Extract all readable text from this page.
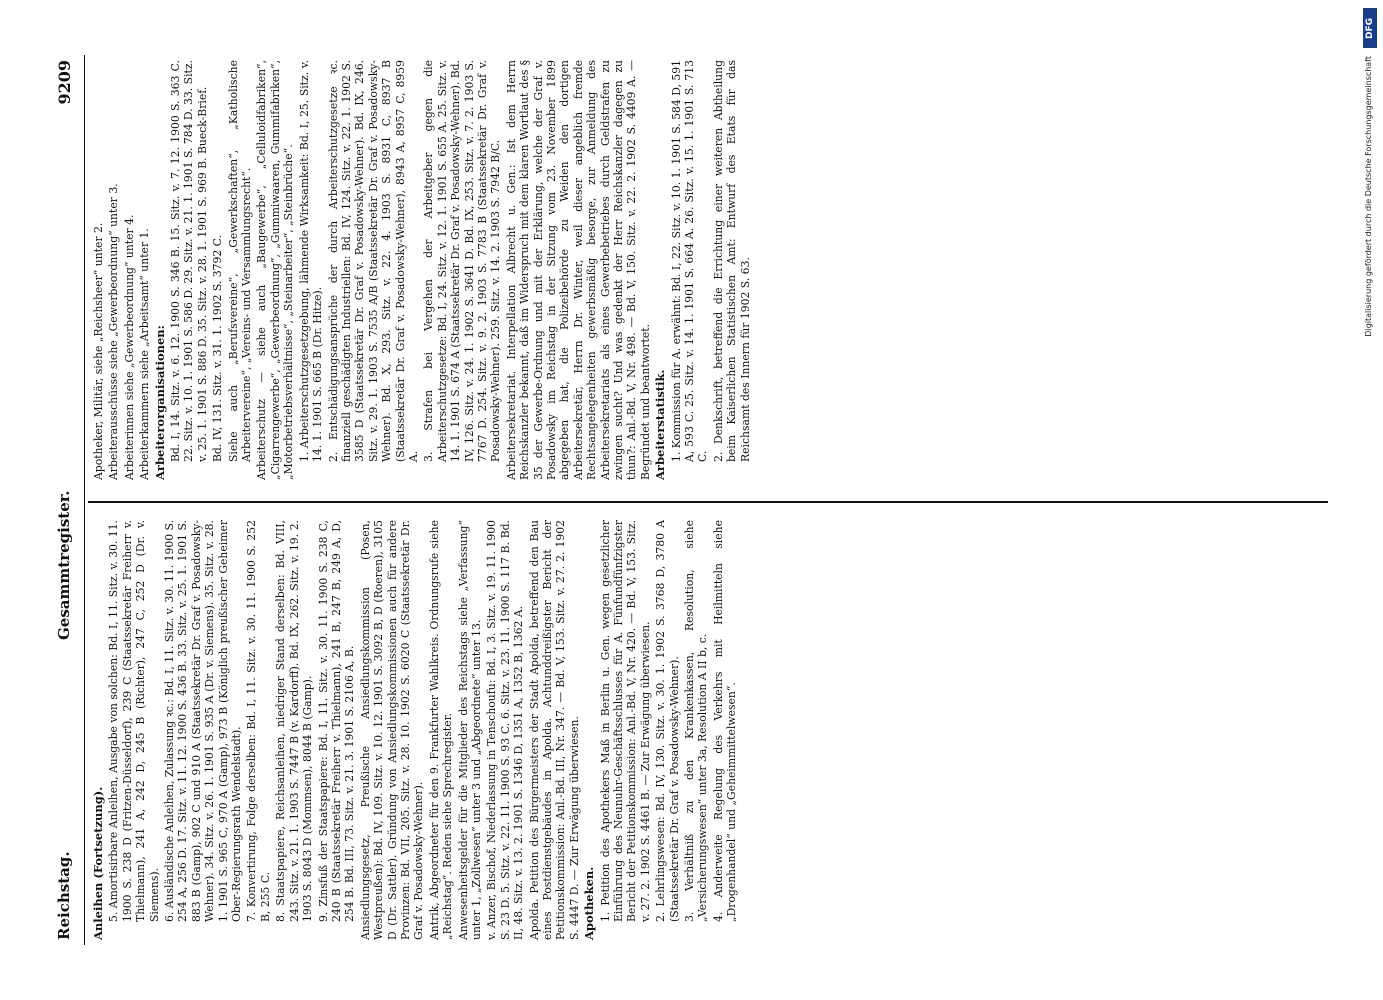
Reichstag.
Gesammtregister.
9209

Anleihen (Fortsetzung). 5. Amortisirbare Anleihen, Ausgabe von solchen: Bd. I, 11. Sitz. v. 30. 11. 1900 S. 238 D (Fritzen-Düsseldorf), 239 C (Staatssekretär Freiherr v. Thielmann), 241 A, 242 D, 245 B (Richter), 247 C, 252 D (Dr. v. Siemens). 6. Ausländische Anleihen, Zulassung ꝛc.: Bd. I, 11. Sitz. v. 30. 11. 1900 S. 254 A, 256 D. 17. Sitz. v. 11. 12. 1900 S. 436 B. 33. Sitz. v. 25. 1. 1901 S. 883 B (Gamp), 902 C und 910 A (Staatssekretär Dr. Graf v. Posadowsky-Wehner). 34. Sitz. v. 26. 1. 1901 S. 935 A (Dr. v. Siemens). 35. Sitz. v. 28. 1. 1901 S. 965 C, 970 A (Gamp), 973 B (Königlich preußischer Geheimer Ober-Regierungsrath Wendelstadt). 7. Konvertirung, Folge derselben: Bd. I, 11. Sitz. v. 30. 11. 1900 S. 252 B, 255 C. 8. Staatspapiere, Reichsanleihen, niedriger Stand derselben: Bd. VIII, 243. Sitz. v. 21. 1. 1903 S. 7447 B (v. Kardorff). Bd. IX, 262. Sitz. v. 19. 2. 1903 S. 8043 D (Mommsen), 8044 B (Gamp). 9. Zinsfuß der Staatspapiere: Bd. I, 11. Sitz. v. 30. 11. 1900 S. 238 C, 240 B (Staatssekretär Freiherr v. Thielmann), 241 B, 247 B, 249 A, D, 254 B. Bd. III, 73. Sitz. v. 21. 3. 1901 S. 2106 A, B. Ansiedlungsgesetz, Preußische Ansiedlungskommission (Posen, Westpreußen): Bd. IV, 109. Sitz. v. 10. 12. 1901 S. 3092 B, D (Roeren), 3105 D (Dr. Sattler). Gründung von Ansiedlungskommissionen auch für andere Provinzen: Bd. VII, 205. Sitz. v. 28. 10. 1902 S. 6020 C (Staatssekretär Dr. Graf v. Posadowsky-Wehner). Antrik, Abgeordneter für den 9. Frankfurter Wahlkreis. Ordnungsrufe siehe „Reichstag“. Reden siehe Sprechregister. Anwesenheitsgelder für die Mitglieder des Reichstags siehe „Verfassung“ unter 1, „Zollwesen“ unter 3 und „Abgeordnete“ unter 13. v. Anzer, Bischof, Niederlassung in Tenschoufu: Bd. I, 3. Sitz. v. 19. 11. 1900 S. 23 D. 5. Sitz. v. 22. 11. 1900 S. 93 C. 6. Sitz. v. 23. 11. 1900 S. 117 B. Bd. II, 48. Sitz. v. 13. 2. 1901 S. 1346 D, 1351 A, 1352 B, 1362 A. Apolda. Petition des Bürgermeisters der Stadt Apolda, betreffend den Bau eines Postdienstgebäudes in Apolda. Achtunddreißigster Bericht der Petitionskommission: Anl.-Bd. III, Nr. 347. — Bd. V, 153. Sitz. v. 27. 2. 1902 S. 4447 D. — Zur Erwägung überwiesen. Apotheken. 1. Petition des Apothekers Maß in Berlin u. Gen. wegen gesetzlicher Einführung des Neunuhr-Geschäftsschlusses für A. Fünfundfünfzigster Bericht der Petitionskommission: Anl.-Bd. V, Nr. 420. — Bd. V, 153. Sitz. v. 27. 2. 1902 S. 4461 B. — Zur Erwägung überwiesen. 2. Lehrlingswesen: Bd. IV, 130. Sitz. v. 30. 1. 1902 S. 3768 D, 3780 A (Staatssekretär Dr. Graf v. Posadowsky-Wehner). 3. Verhältniß zu den Krankenkassen, Resolution, siehe „Versicherungswesen“ unter 3a, Resolution A II b, c. 4. Anderweite Regelung des Verkehrs mit Heilmitteln siehe „Drogenhandel“ und „Geheimmittelwesen“.

Apotheker, Militär, siehe „Reichsheer“ unter 2. Arbeiterausschüsse siehe „Gewerbeordnung“ unter 3. Arbeiterinnen siehe „Gewerbeordnung“ unter 4. Arbeiterkammern siehe „Arbeitsamt“ unter 1. Arbeiterorganisationen: Bd. I, 14. Sitz. v. 6. 12. 1900 S. 346 B. 15. Sitz. v. 7. 12. 1900 S. 363 C. 22. Sitz. v. 10. 1. 1901 S. 586 D. 29. Sitz. v. 21. 1. 1901 S. 784 D. 33. Sitz. v. 25. 1. 1901 S. 886 D. 35. Sitz. v. 28. 1. 1901 S. 969 B. Bueck-Brief. Bd. IV, 131. Sitz. v. 31. 1. 1902 S. 3792 C. Siehe auch „Berufsvereine“, „Gewerkschaften“, „Katholische Arbeitervereine“, „Vereins- und Versammlungsrecht“. Arbeiterschutz — siehe auch „Baugewerbe“, „Celluloidfabriken“, „Cigarrengewerbe“, „Gewerbeordnung“, „Gummiwaaren, Gummifabriken“, „Motorbetriebsverhältnisse“, „Steinarbeiter“, „Steinbrüche“. 1. Arbeiterschutzgesetzgebung, lähmende Wirksamkeit: Bd. I, 25. Sitz. v. 14. 1. 1901 S. 665 B (Dr. Hitze). 2. Entschädigungsansprüche der durch Arbeiterschutzgesetze ꝛc. finanziell geschädigten Industriellen: Bd. IV, 124. Sitz. v. 22. 1. 1902 S. 3585 D (Staatssekretär Dr. Graf v. Posadowsky-Wehner). Bd. IX, 246. Sitz. v. 29. 1. 1903 S. 7535 A/B (Staatssekretär Dr. Graf v. Posadowsky-Wehner). Bd. X, 293. Sitz. v. 22. 4. 1903 S. 8931 C, 8937 B (Staatssekretär Dr. Graf v. Posadowsky-Wehner), 8943 A, 8957 C, 8959 A. 3. Strafen bei Vergehen der Arbeitgeber gegen die Arbeiterschutzgesetze: Bd. I, 24. Sitz. v. 12. 1. 1901 S. 655 A. 25. Sitz. v. 14. 1. 1901 S. 674 A (Staatssekretär Dr. Graf v. Posadowsky-Wehner). Bd. IV, 126. Sitz. v. 24. 1. 1902 S. 3641 D. Bd. IX, 253. Sitz. v. 7. 2. 1903 S. 7767 D. 254. Sitz. v. 9. 2. 1903 S. 7783 B (Staatssekretär Dr. Graf v. Posadowsky-Wehner). 259. Sitz. v. 14. 2. 1903 S. 7942 B/C. Arbeitersekretariat. Interpellation Albrecht u. Gen.: Ist dem Herrn Reichskanzler bekannt, daß im Widerspruch mit dem klaren Wortlaut des § 35 der Gewerbe-Ordnung und mit der Erklärung, welche der Graf v. Posadowsky im Reichstag in der Sitzung vom 23. November 1899 abgegeben hat, die Polizeibehörde zu Weiden den dortigen Arbeitersekretär, Herrn Dr. Winter, weil dieser angeblich fremde Rechtsangelegenheiten gewerbsmäßig besorge, zur Anmeldung des Arbeitersekretariats als eines Gewerbebetriebes durch Geldstrafen zu zwingen sucht? Und was gedenkt der Herr Reichskanzler dagegen zu thun?: Anl.-Bd. V, Nr. 498. — Bd. V, 150. Sitz. v. 22. 2. 1902 S. 4409 A. — Begründet und beantwortet. Arbeiterstatistik. 1. Kommission für A. erwähnt: Bd. I, 22. Sitz. v. 10. 1. 1901 S. 584 D, 591 A, 593 C. 25. Sitz. v. 14. 1. 1901 S. 664 A. 26. Sitz. v. 15. 1. 1901 S. 713 C. 2. Denkschrift, betreffend die Errichtung einer weiteren Abtheilung beim Kaiserlichen Statistischen Amt: Entwurf des Etats für das Reichsamt des Innern für 1902 S. 63.

DFG
Digitalisierung gefördert durch die Deutsche Forschungsgemeinschaft
